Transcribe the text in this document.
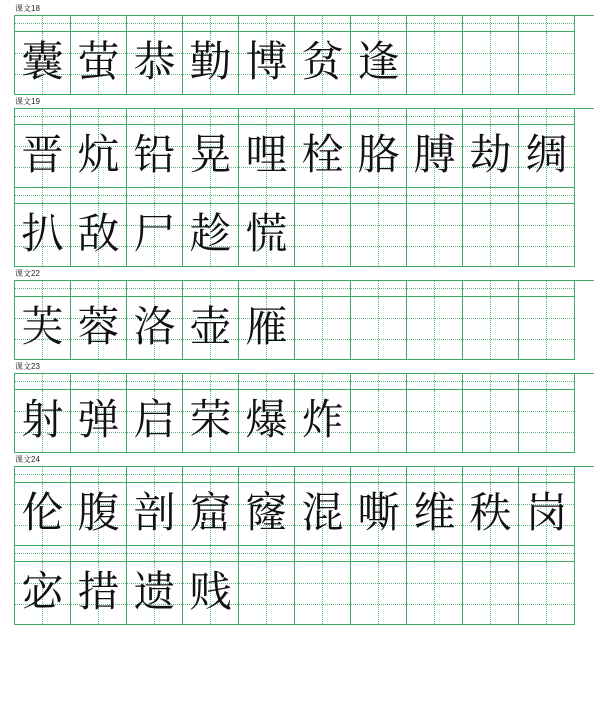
课文18
囊 萤 恭 勤 博 贫 逢
课文19
晋 炕 铅 晃 哩 栓 胳 膊 劫 绸
扒 敌 尸 趁 慌
课文22
芙 蓉 洛 壶 雁
课文23
射 弹 启 荣 爆 炸
课文24
伦 腹 剖 窟 窿 混 嘶 维 秩 岗
宓 措 遗 贱
